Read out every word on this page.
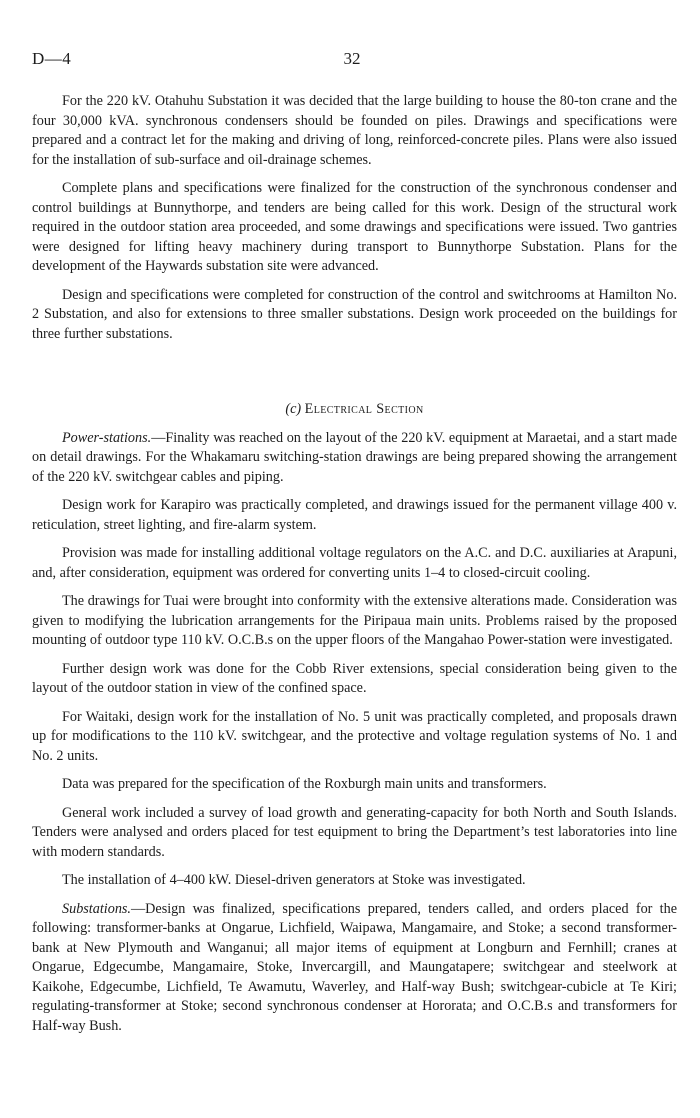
D—4	32

For the 220 kV. Otahuhu Substation it was decided that the large building to house the 80-ton crane and the four 30,000 kVA. synchronous condensers should be founded on piles. Drawings and specifications were prepared and a contract let for the making and driving of long, reinforced-concrete piles. Plans were also issued for the installation of sub-surface and oil-drainage schemes.

Complete plans and specifications were finalized for the construction of the synchronous condenser and control buildings at Bunnythorpe, and tenders are being called for this work. Design of the structural work required in the outdoor station area proceeded, and some drawings and specifications were issued. Two gantries were designed for lifting heavy machinery during transport to Bunnythorpe Substation. Plans for the development of the Haywards substation site were advanced.

Design and specifications were completed for construction of the control and switchrooms at Hamilton No. 2 Substation, and also for extensions to three smaller substations. Design work proceeded on the buildings for three further substations.

(c) Electrical Section

Power-stations.—Finality was reached on the layout of the 220 kV. equipment at Maraetai, and a start made on detail drawings. For the Whakamaru switching-station drawings are being prepared showing the arrangement of the 220 kV. switchgear cables and piping.

Design work for Karapiro was practically completed, and drawings issued for the permanent village 400 v. reticulation, street lighting, and fire-alarm system.

Provision was made for installing additional voltage regulators on the A.C. and D.C. auxiliaries at Arapuni, and, after consideration, equipment was ordered for converting units 1–4 to closed-circuit cooling.

The drawings for Tuai were brought into conformity with the extensive alterations made. Consideration was given to modifying the lubrication arrangements for the Piripaua main units. Problems raised by the proposed mounting of outdoor type 110 kV. O.C.B.s on the upper floors of the Mangahao Power-station were investigated.

Further design work was done for the Cobb River extensions, special consideration being given to the layout of the outdoor station in view of the confined space.

For Waitaki, design work for the installation of No. 5 unit was practically completed, and proposals drawn up for modifications to the 110 kV. switchgear, and the protective and voltage regulation systems of No. 1 and No. 2 units.

Data was prepared for the specification of the Roxburgh main units and transformers.

General work included a survey of load growth and generating-capacity for both North and South Islands. Tenders were analysed and orders placed for test equipment to bring the Department’s test laboratories into line with modern standards.

The installation of 4–400 kW. Diesel-driven generators at Stoke was investigated.

Substations.—Design was finalized, specifications prepared, tenders called, and orders placed for the following: transformer-banks at Ongarue, Lichfield, Waipawa, Mangamaire, and Stoke; a second transformer-bank at New Plymouth and Wanganui; all major items of equipment at Longburn and Fernhill; cranes at Ongarue, Edgecumbe, Mangamaire, Stoke, Invercargill, and Maungatapere; switchgear and steelwork at Kaikohe, Edgecumbe, Lichfield, Te Awamutu, Waverley, and Half-way Bush; switchgear-cubicle at Te Kiri; regulating-transformer at Stoke; second synchronous condenser at Hororata; and O.C.B.s and transformers for Half-way Bush.
